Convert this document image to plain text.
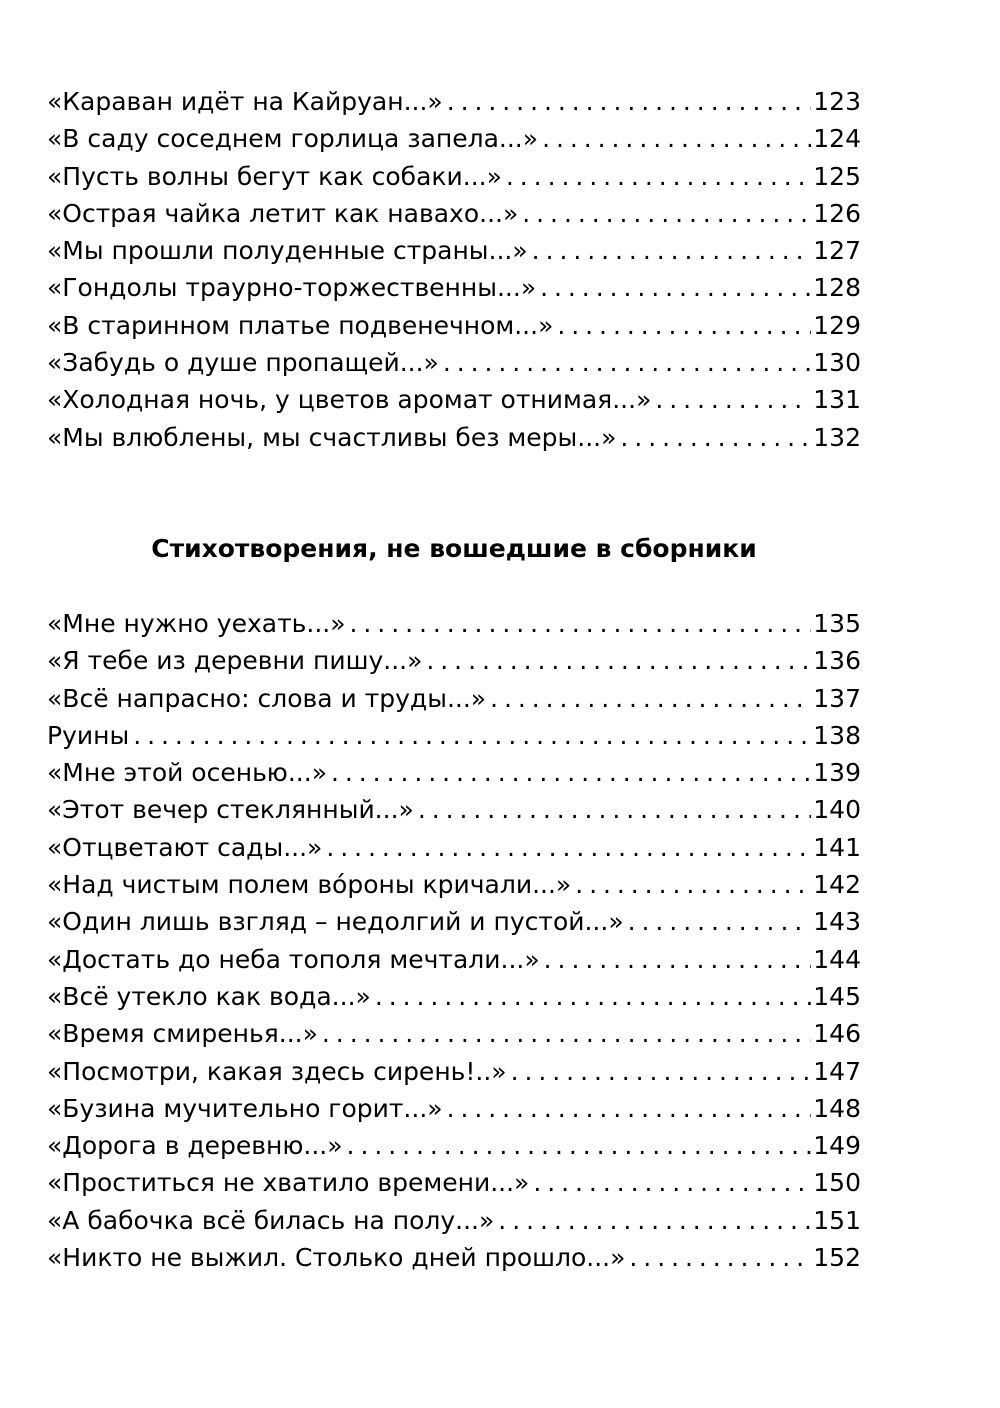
«Караван идёт на Кайруан...» . . .	123
«В саду соседнем горлица запела...» . . .	124
«Пусть волны бегут как собаки...» . . .	125
«Острая чайка летит как навахо...» . . .	126
«Мы прошли полуденные страны...» . . .	127
«Гондолы траурно-торжественны...» . . .	128
«В старинном платье подвенечном...» . . .	129
«Забудь о душе пропащей...» . . .	130
«Холодная ночь, у цветов аромат отнимая...» . . .	131
«Мы влюблены, мы счастливы без меры...» . . .	132
Стихотворения, не вошедшие в сборники
«Мне нужно уехать...» . . .	135
«Я тебе из деревни пишу...» . . .	136
«Всё напрасно: слова и труды...» . . .	137
Руины . . .	138
«Мне этой осенью...» . . .	139
«Этот вечер стеклянный...» . . .	140
«Отцветают сады...» . . .	141
«Над чистым полем во́роны кричали...» . . .	142
«Один лишь взгляд – недолгий и пустой...» . . .	143
«Достать до неба тополя мечтали...» . . .	144
«Всё утекло как вода...» . . .	145
«Время смиренья...» . . .	146
«Посмотри, какая здесь сирень!..» . . .	147
«Бузина мучительно горит...» . . .	148
«Дорога в деревню...» . . .	149
«Проститься не хватило времени...» . . .	150
«А бабочка всё билась на полу...» . . .	151
«Никто не выжил. Столько дней прошло...» . . .	152
